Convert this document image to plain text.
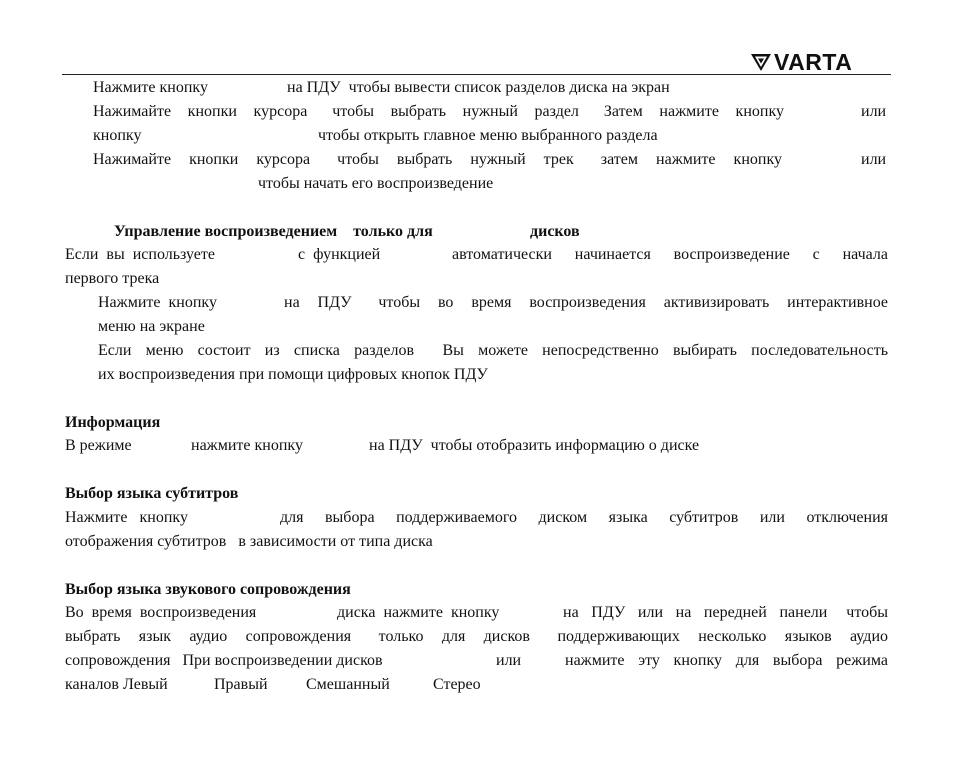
VARTA
Нажмите кнопку	на ПДУ  чтобы вывести список разделов диска на экран
Нажимайте  кнопки  курсора   чтобы  выбрать  нужный  раздел   Затем  нажмите  кнопку	или
кнопку	чтобы открыть главное меню выбранного раздела
Нажимайте  кнопки  курсора   чтобы  выбрать  нужный  трек   затем  нажмите  кнопку	или
чтобы начать его воспроизведение
Управление воспроизведением    только для	дисков
Если  вы  используете	с  функцией	автоматически  начинается  воспроизведение  с  начала
первого трека
Нажмите  кнопку	на  ПДУ   чтобы  во  время  воспроизведения  активизировать  интерактивное
меню на экране
Если меню состоит из списка разделов  Вы можете непосредственно выбирать последовательность
их воспроизведения при помощи цифровых кнопок ПДУ
Информация
В режиме	нажмите кнопку	на ПДУ  чтобы отобразить информацию о диске
Выбор языка субтитров
Нажмите   кнопку	для   выбора   поддерживаемого   диском   языка   субтитров   или   отключения
отображения субтитров   в зависимости от типа диска
Выбор языка звукового сопровождения
Во  время  воспроизведения	диска  нажмите  кнопку	на  ПДУ  или  на  передней  панели   чтобы
выбрать  язык  аудио  сопровождения   только  для  дисков   поддерживающих  несколько  языков  аудио
сопровождения   При воспроизведении дисков	или	нажмите эту кнопку для выбора режима
каналов Левый	Правый Смешанный	Стерео
